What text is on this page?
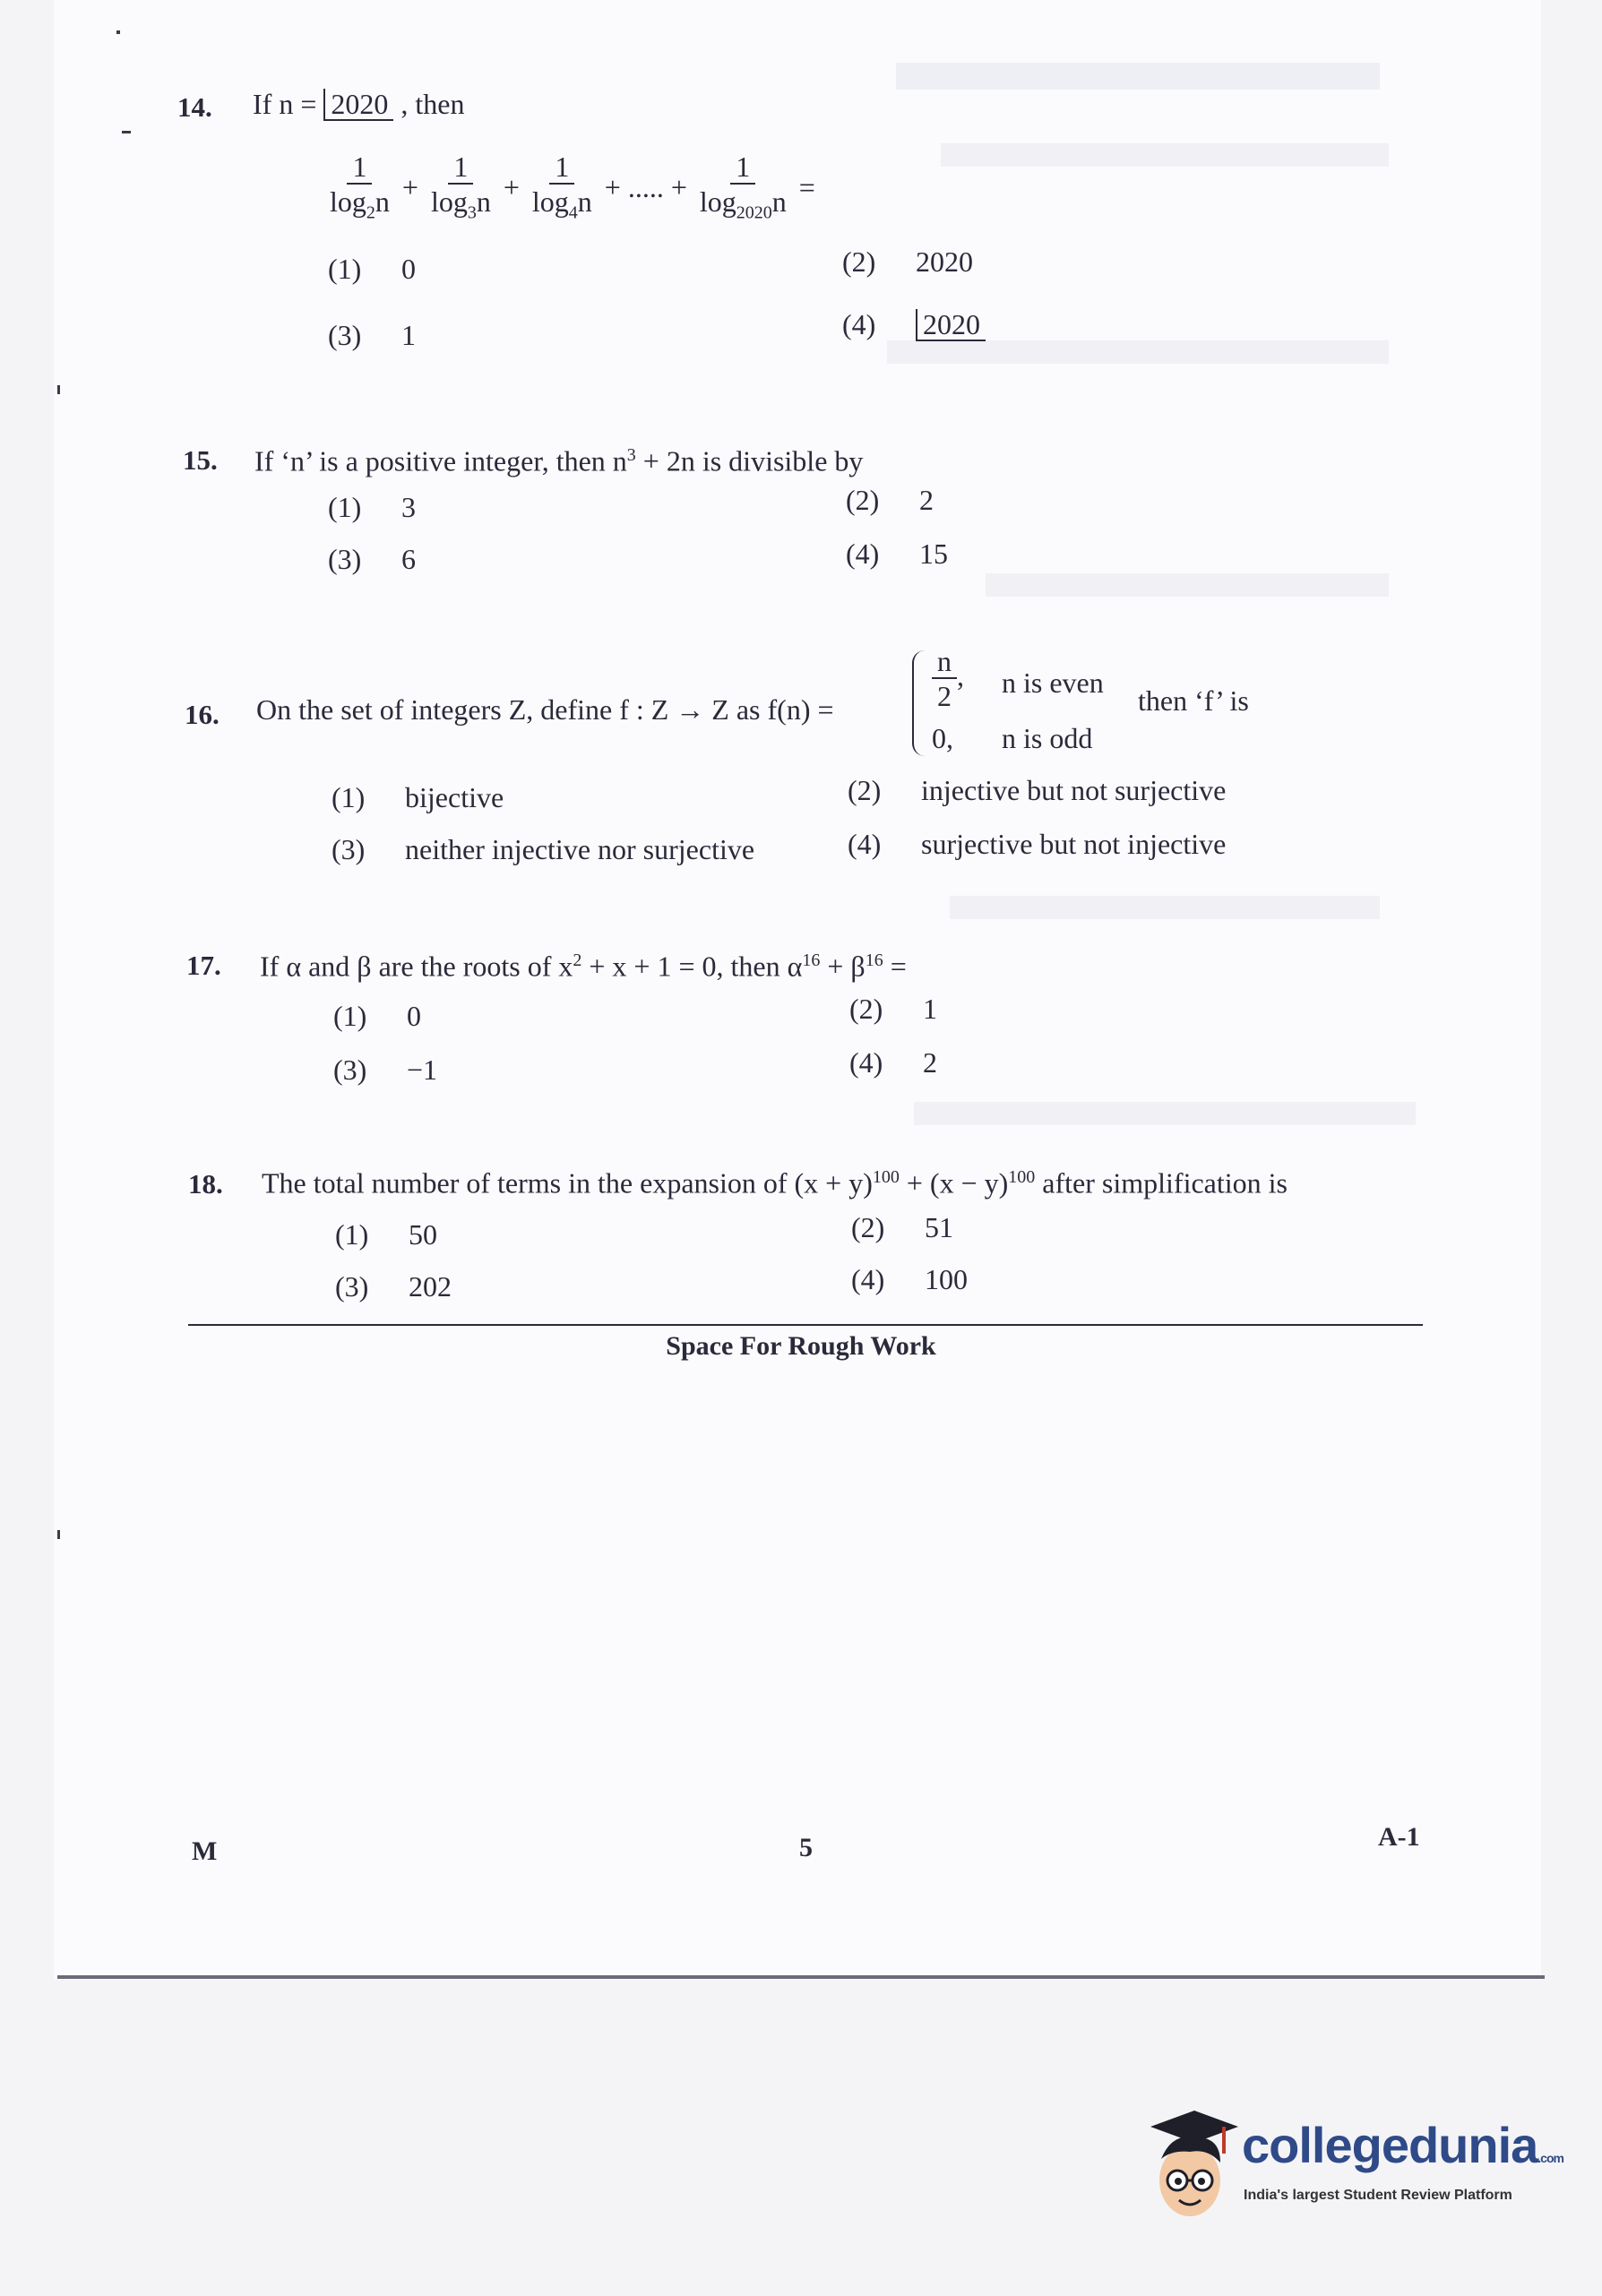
14. If n = 2020 , then
$\frac{1}{\log_2n} + \frac{1}{\log_3n} + \frac{1}{\log_4n}$ + ..... + $\frac{1}{\log_{2020}n}$ =
(1) 0	(2) 2020
(3) 1	(4) 2020
15. If ‘n’ is a positive integer, then $n^3 + 2n$ is divisible by
(1) 3	(2) 2
(3) 6	(4) 15
16. On the set of integers Z, define f : Z → Z as f(n) =	$\frac{n}{2}$ , n is even
0, n is odd
then ‘f’ is
(1) bijective	(2) injective but not surjective
(3) neither injective nor surjective	(4) surjective but not injective
17. If α and β are the roots of $x^2 + x + 1 = 0$, then $\alpha^{16} + \beta^{16}$ =
(1) 0	(2) 1
(3) −1	(4) 2
18. The total number of terms in the expansion of $(x + y)^{100} + (x - y)^{100}$ after simplification is
(1) 50	(2) 51
(3) 202	(4) 100
Space For Rough Work
M	5	A-1
collegedunia.com
India's largest Student Review Platform
